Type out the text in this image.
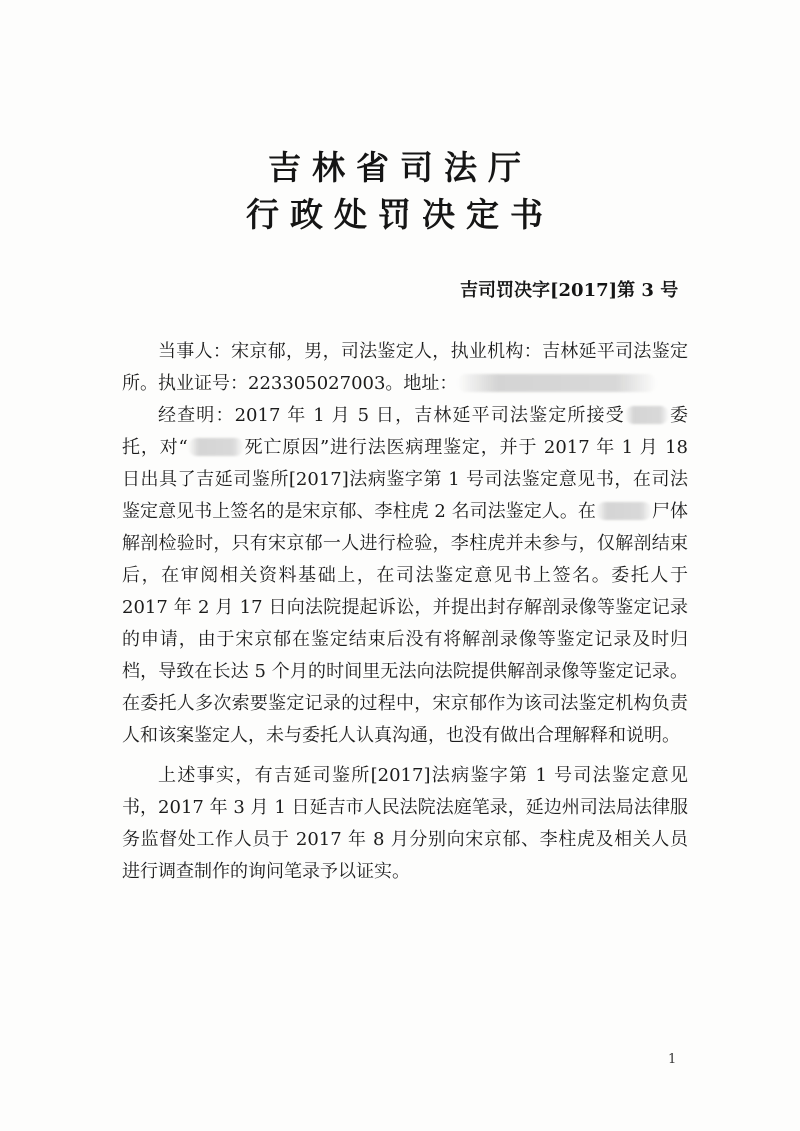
吉林省司法厅
行政处罚决定书
吉司罚决字[2017]第 3 号

当事人：宋京郁，男，司法鉴定人，执业机构：吉林延平司法鉴定所。执业证号：223305027003。地址：

经查明：2017 年 1 月 5 日，吉林延平司法鉴定所接受 委托，对“	死亡原因”进行法医病理鉴定，并于 2017 年 1 月 18 日出具了吉延司鉴所[2017]法病鉴字第 1 号司法鉴定意见书，在司法鉴定意见书上签名的是宋京郁、李柱虎 2 名司法鉴定人。在	尸体解剖检验时，只有宋京郁一人进行检验，李柱虎并未参与，仅解剖结束后，在审阅相关资料基础上，在司法鉴定意见书上签名。委托人于 2017 年 2 月 17 日向法院提起诉讼，并提出封存解剖录像等鉴定记录的申请，由于宋京郁在鉴定结束后没有将解剖录像等鉴定记录及时归档，导致在长达 5 个月的时间里无法向法院提供解剖录像等鉴定记录。在委托人多次索要鉴定记录的过程中，宋京郁作为该司法鉴定机构负责人和该案鉴定人，未与委托人认真沟通，也没有做出合理解释和说明。

上述事实，有吉延司鉴所[2017]法病鉴字第 1 号司法鉴定意见书，2017 年 3 月 1 日延吉市人民法院法庭笔录，延边州司法局法律服务监督处工作人员于 2017 年 8 月分别向宋京郁、李柱虎及相关人员进行调查制作的询问笔录予以证实。

1
